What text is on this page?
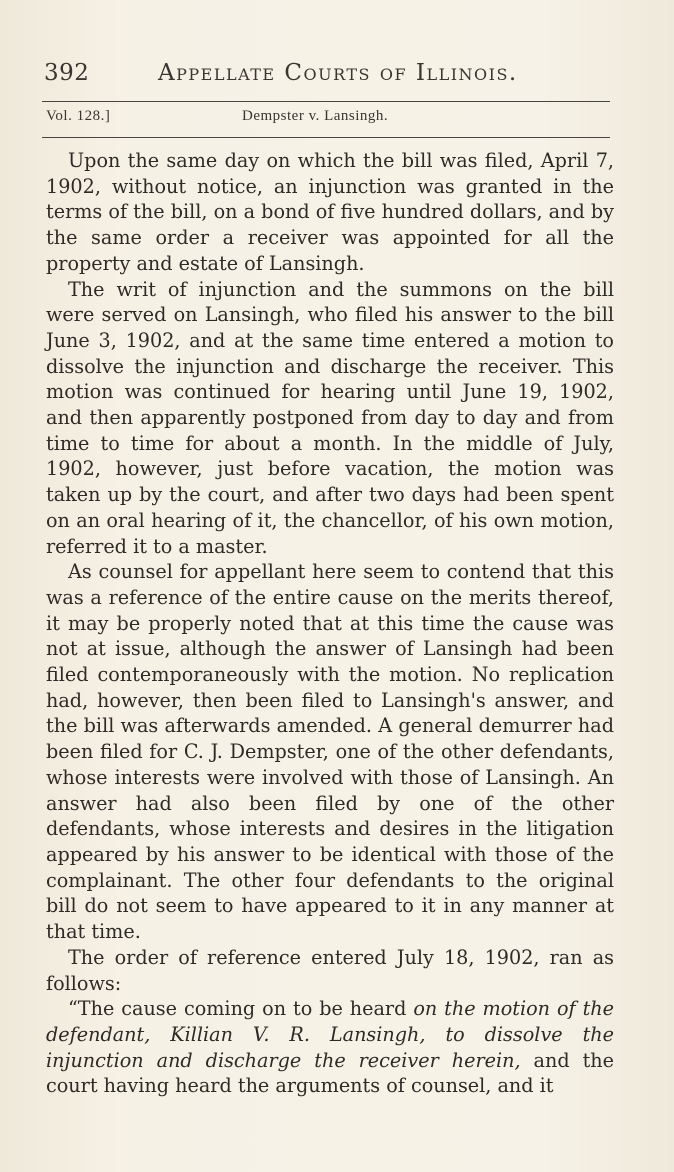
392	Appellate Courts of Illinois.
Vol. 128.]	Dempster v. Lansingh.

Upon the same day on which the bill was filed, April 7, 1902, without notice, an injunction was granted in the terms of the bill, on a bond of five hundred dollars, and by the same order a receiver was appointed for all the property and estate of Lansingh.

The writ of injunction and the summons on the bill were served on Lansingh, who filed his answer to the bill June 3, 1902, and at the same time entered a motion to dissolve the injunction and discharge the receiver. This motion was continued for hearing until June 19, 1902, and then apparently postponed from day to day and from time to time for about a month. In the middle of July, 1902, however, just before vacation, the motion was taken up by the court, and after two days had been spent on an oral hearing of it, the chancellor, of his own motion, referred it to a master.

As counsel for appellant here seem to contend that this was a reference of the entire cause on the merits thereof, it may be properly noted that at this time the cause was not at issue, although the answer of Lansingh had been filed contemporaneously with the motion. No replication had, however, then been filed to Lansingh's answer, and the bill was afterwards amended. A general demurrer had been filed for C. J. Dempster, one of the other defendants, whose interests were involved with those of Lansingh. An answer had also been filed by one of the other defendants, whose interests and desires in the litigation appeared by his answer to be identical with those of the complainant. The other four defendants to the original bill do not seem to have appeared to it in any manner at that time.

The order of reference entered July 18, 1902, ran as follows:

“The cause coming on to be heard on the motion of the defendant, Killian V. R. Lansingh, to dissolve the injunction and discharge the receiver herein, and the court having heard the arguments of counsel, and it
